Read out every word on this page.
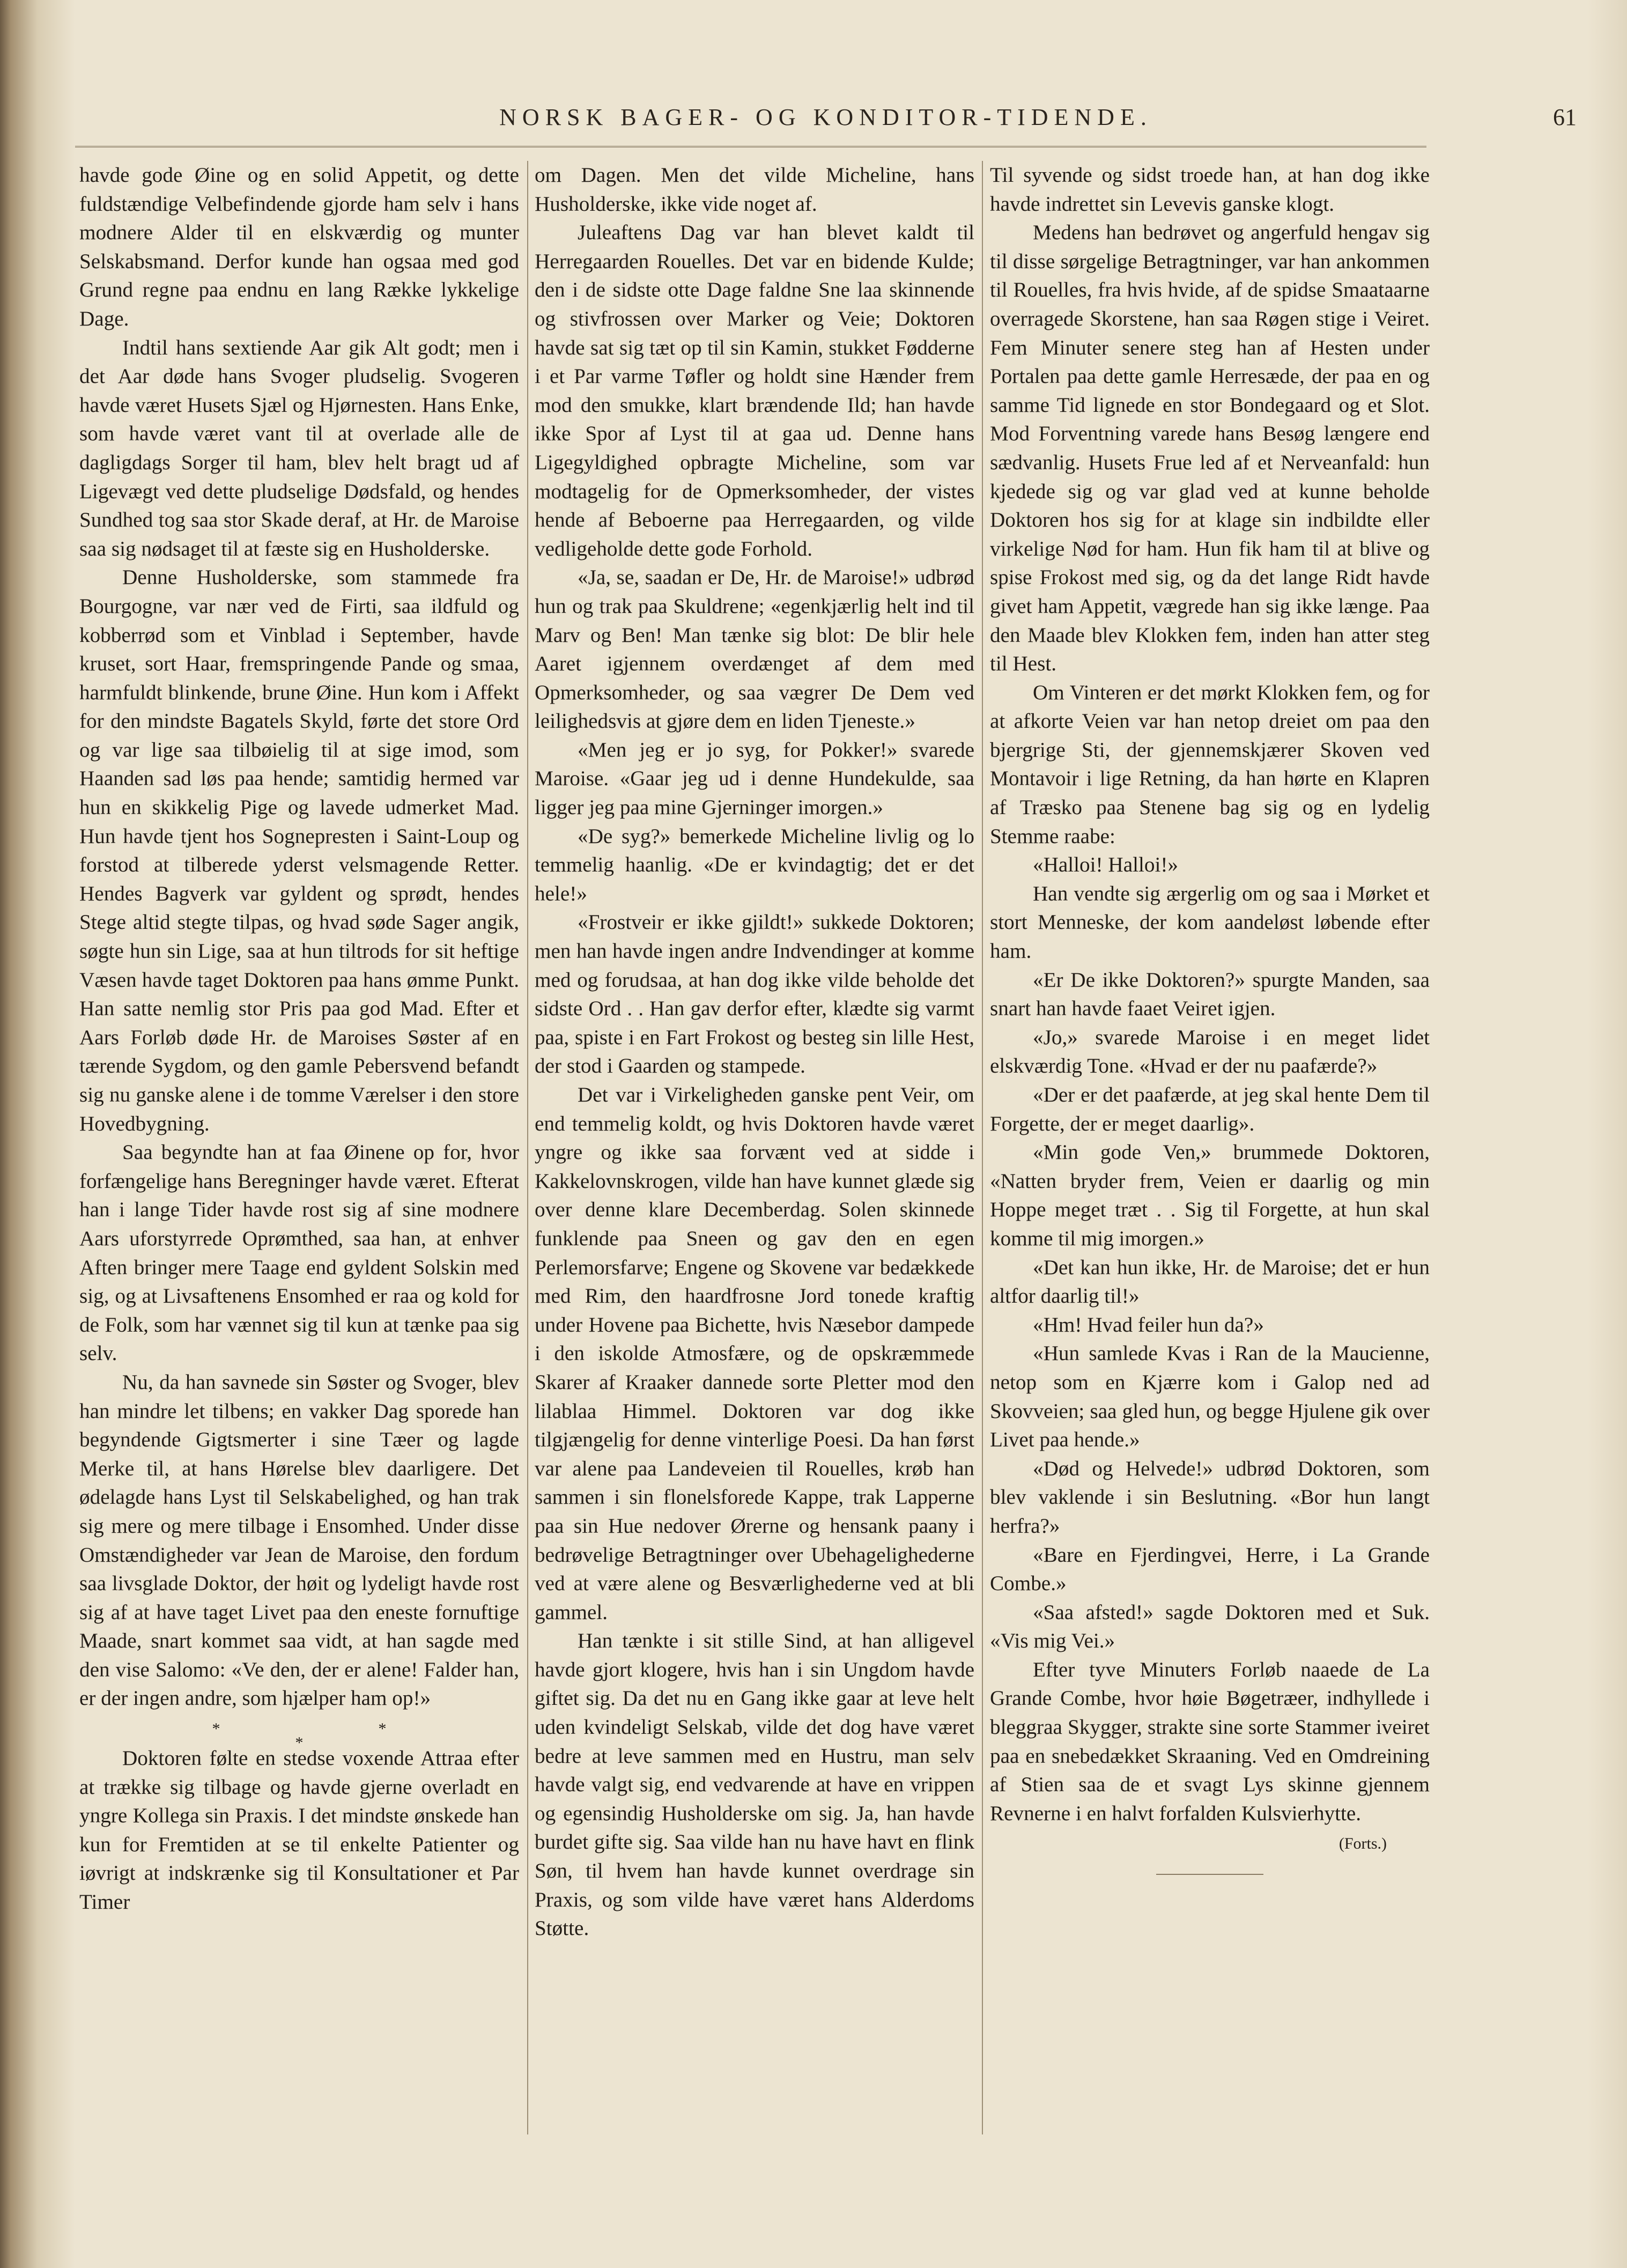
NORSK BAGER- OG KONDITOR-TIDENDE.	61

havde gode Øine og en solid Appetit, og dette fuldstændige Velbefindende gjorde ham selv i hans modnere Alder til en elskværdig og munter Selskabsmand. Derfor kunde han ogsaa med god Grund regne paa endnu en lang Række lykkelige Dage.

Indtil hans sextiende Aar gik Alt godt; men i det Aar døde hans Svoger pludselig. Svogeren havde været Husets Sjæl og Hjørnesten. Hans Enke, som havde været vant til at overlade alle de dagligdags Sorger til ham, blev helt bragt ud af Ligevægt ved dette pludselige Dødsfald, og hendes Sundhed tog saa stor Skade deraf, at Hr. de Maroise saa sig nødsaget til at fæste sig en Husholderske.

Denne Husholderske, som stammede fra Bourgogne, var nær ved de Firti, saa ildfuld og kobberrød som et Vinblad i September, havde kruset, sort Haar, fremspringende Pande og smaa, harmfuldt blinkende, brune Øine. Hun kom i Affekt for den mindste Bagatels Skyld, førte det store Ord og var lige saa tilbøielig til at sige imod, som Haanden sad løs paa hende; samtidig hermed var hun en skikkelig Pige og lavede udmerket Mad. Hun havde tjent hos Sognepresten i Saint-Loup og forstod at tilberede yderst velsmagende Retter. Hendes Bagverk var gyldent og sprødt, hendes Stege altid stegte tilpas, og hvad søde Sager angik, søgte hun sin Lige, saa at hun tiltrods for sit heftige Væsen havde taget Doktoren paa hans ømme Punkt. Han satte nemlig stor Pris paa god Mad. Efter et Aars Forløb døde Hr. de Maroises Søster af en tærende Sygdom, og den gamle Pebersvend befandt sig nu ganske alene i de tomme Værelser i den store Hovedbygning.

Saa begyndte han at faa Øinene op for, hvor forfængelige hans Beregninger havde været. Efterat han i lange Tider havde rost sig af sine modnere Aars uforstyrrede Oprømthed, saa han, at enhver Aften bringer mere Taage end gyldent Solskin med sig, og at Livsaftenens Ensomhed er raa og kold for de Folk, som har vænnet sig til kun at tænke paa sig selv.

Nu, da han savnede sin Søster og Svoger, blev han mindre let tilbens; en vakker Dag sporede han begyndende Gigtsmerter i sine Tæer og lagde Merke til, at hans Hørelse blev daarligere. Det ødelagde hans Lyst til Selskabelighed, og han trak sig mere og mere tilbage i Ensomhed. Under disse Omstændigheder var Jean de Maroise, den fordum saa livsglade Doktor, der høit og lydeligt havde rost sig af at have taget Livet paa den eneste fornuftige Maade, snart kommet saa vidt, at han sagde med den vise Salomo: «Ve den, der er alene! Falder han, er der ingen andre, som hjælper ham op!»

***

Doktoren følte en stedse voxende Attraa efter at trække sig tilbage og havde gjerne overladt en yngre Kollega sin Praxis. I det mindste ønskede han kun for Fremtiden at se til enkelte Patienter og iøvrigt at indskrænke sig til Konsultationer et Par Timer

om Dagen. Men det vilde Micheline, hans Husholderske, ikke vide noget af.

Juleaftens Dag var han blevet kaldt til Herregaarden Rouelles. Det var en bidende Kulde; den i de sidste otte Dage faldne Sne laa skinnende og stivfrossen over Marker og Veie; Doktoren havde sat sig tæt op til sin Kamin, stukket Fødderne i et Par varme Tøfler og holdt sine Hænder frem mod den smukke, klart brændende Ild; han havde ikke Spor af Lyst til at gaa ud. Denne hans Ligegyldighed opbragte Micheline, som var modtagelig for de Opmerksomheder, der vistes hende af Beboerne paa Herregaarden, og vilde vedligeholde dette gode Forhold.

«Ja, se, saadan er De, Hr. de Maroise!» udbrød hun og trak paa Skuldrene; «egenkjærlig helt ind til Marv og Ben! Man tænke sig blot: De blir hele Aaret igjennem overdænget af dem med Opmerksomheder, og saa vægrer De Dem ved leilighedsvis at gjøre dem en liden Tjeneste.»

«Men jeg er jo syg, for Pokker!» svarede Maroise. «Gaar jeg ud i denne Hundekulde, saa ligger jeg paa mine Gjerninger imorgen.»

«De syg?» bemerkede Micheline livlig og lo temmelig haanlig. «De er kvindagtig; det er det hele!»

«Frostveir er ikke gjildt!» sukkede Doktoren; men han havde ingen andre Indvendinger at komme med og forudsaa, at han dog ikke vilde beholde det sidste Ord . . Han gav derfor efter, klædte sig varmt paa, spiste i en Fart Frokost og besteg sin lille Hest, der stod i Gaarden og stampede.

Det var i Virkeligheden ganske pent Veir, om end temmelig koldt, og hvis Doktoren havde været yngre og ikke saa forvænt ved at sidde i Kakkelovnskrogen, vilde han have kunnet glæde sig over denne klare Decemberdag. Solen skinnede funklende paa Sneen og gav den en egen Perlemorsfarve; Engene og Skovene var bedækkede med Rim, den haardfrosne Jord tonede kraftig under Hovene paa Bichette, hvis Næsebor dampede i den iskolde Atmosfære, og de opskræmmede Skarer af Kraaker dannede sorte Pletter mod den lilablaa Himmel. Doktoren var dog ikke tilgjængelig for denne vinterlige Poesi. Da han først var alene paa Landeveien til Rouelles, krøb han sammen i sin flonelsforede Kappe, trak Lapperne paa sin Hue nedover Ørerne og hensank paany i bedrøvelige Betragtninger over Ubehagelighederne ved at være alene og Besværlighederne ved at bli gammel.

Han tænkte i sit stille Sind, at han alligevel havde gjort klogere, hvis han i sin Ungdom havde giftet sig. Da det nu en Gang ikke gaar at leve helt uden kvindeligt Selskab, vilde det dog have været bedre at leve sammen med en Hustru, man selv havde valgt sig, end vedvarende at have en vrippen og egensindig Husholderske om sig. Ja, han havde burdet gifte sig. Saa vilde han nu have havt en flink Søn, til hvem han havde kunnet overdrage sin Praxis, og som vilde have været hans Alderdoms Støtte.

Til syvende og sidst troede han, at han dog ikke havde indrettet sin Levevis ganske klogt.

Medens han bedrøvet og angerfuld hengav sig til disse sørgelige Betragtninger, var han ankommen til Rouelles, fra hvis hvide, af de spidse Smaataarne overragede Skorstene, han saa Røgen stige i Veiret. Fem Minuter senere steg han af Hesten under Portalen paa dette gamle Herresæde, der paa en og samme Tid lignede en stor Bondegaard og et Slot. Mod Forventning varede hans Besøg længere end sædvanlig. Husets Frue led af et Nerveanfald: hun kjedede sig og var glad ved at kunne beholde Doktoren hos sig for at klage sin indbildte eller virkelige Nød for ham. Hun fik ham til at blive og spise Frokost med sig, og da det lange Ridt havde givet ham Appetit, vægrede han sig ikke længe. Paa den Maade blev Klokken fem, inden han atter steg til Hest.

Om Vinteren er det mørkt Klokken fem, og for at afkorte Veien var han netop dreiet om paa den bjergrige Sti, der gjennemskjærer Skoven ved Montavoir i lige Retning, da han hørte en Klapren af Træsko paa Stenene bag sig og en lydelig Stemme raabe:

«Halloi! Halloi!»

Han vendte sig ærgerlig om og saa i Mørket et stort Menneske, der kom aandeløst løbende efter ham.

«Er De ikke Doktoren?» spurgte Manden, saa snart han havde faaet Veiret igjen.

«Jo,» svarede Maroise i en meget lidet elskværdig Tone. «Hvad er der nu paafærde?»

«Der er det paafærde, at jeg skal hente Dem til Forgette, der er meget daarlig».

«Min gode Ven,» brummede Doktoren, «Natten bryder frem, Veien er daarlig og min Hoppe meget træt . . Sig til Forgette, at hun skal komme til mig imorgen.»

«Det kan hun ikke, Hr. de Maroise; det er hun altfor daarlig til!»

«Hm! Hvad feiler hun da?»

«Hun samlede Kvas i Ran de la Maucienne, netop som en Kjærre kom i Galop ned ad Skovveien; saa gled hun, og begge Hjulene gik over Livet paa hende.»

«Død og Helvede!» udbrød Doktoren, som blev vaklende i sin Beslutning. «Bor hun langt herfra?»

«Bare en Fjerdingvei, Herre, i La Grande Combe.»

«Saa afsted!» sagde Doktoren med et Suk. «Vis mig Vei.»

Efter tyve Minuters Forløb naaede de La Grande Combe, hvor høie Bøgetræer, indhyllede i bleggraa Skygger, strakte sine sorte Stammer iveiret paa en snebedækket Skraaning. Ved en Omdreining af Stien saa de et svagt Lys skinne gjennem Revnerne i en halvt forfalden Kulsvierhytte.

(Forts.)
